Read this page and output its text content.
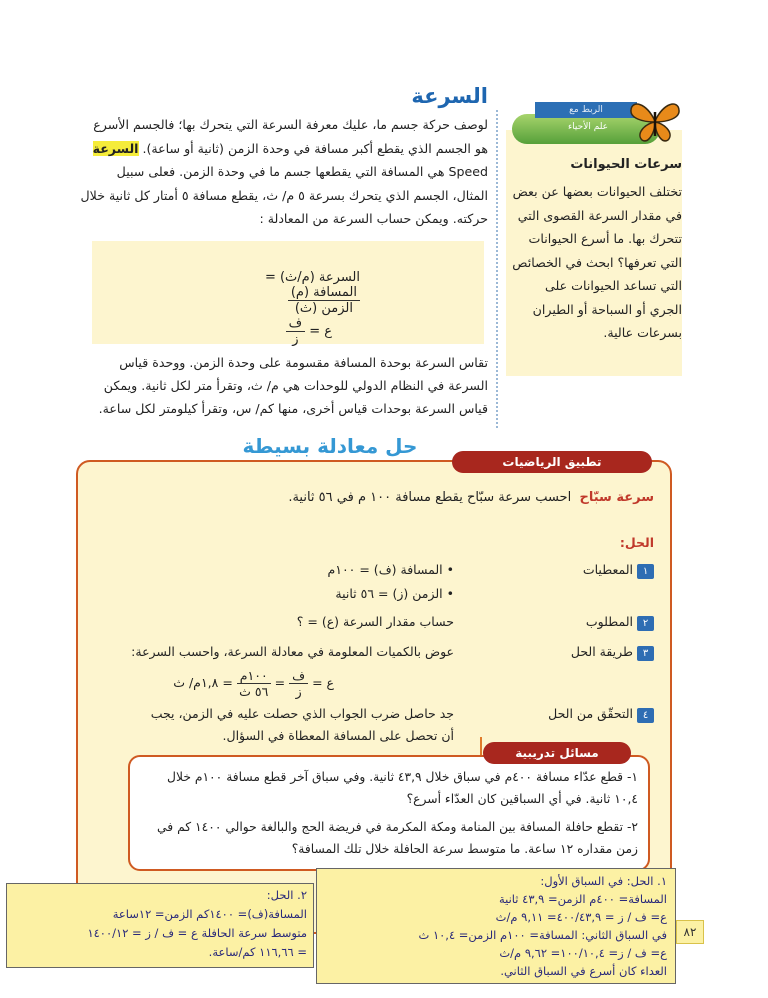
السرعة
لوصف حركة جسم ما، عليك معرفة السرعة التي يتحرك بها؛ فالجسم الأسرع هو الجسم الذي يقطع أكبر مسافة في وحدة الزمن (ثانية أو ساعة). السرعة Speed هي المسافة التي يقطعها جسم ما في وحدة الزمن. فعلى سبيل المثال، الجسم الذي يتحرك بسرعة ٥ م/ ث، يقطع مسافة ٥ أمتار كل ثانية خلال حركته. ويمكن حساب السرعة من المعادلة :
السرعة (م/ث) =
$\frac{\text{المسافة (م)}}{\text{الزمن (ث)}}$
ع =
$\frac{\text{ف}}{\text{ز}}$
تقاس السرعة بوحدة المسافة مقسومة على وحدة الزمن. ووحدة قياس السرعة في النظام الدولي للوحدات هي م/ ث، وتقرأ متر لكل ثانية. ويمكن قياس السرعة بوحدات قياس أخرى، منها كم/ س، وتقرأ كيلومتر لكل ساعة.
الربط مع
علم الأحياء
سرعات الحيوانات
تختلف الحيوانات بعضها عن بعض في مقدار السرعة القصوى التي تتحرك بها. ما أسرع الحيوانات التي تعرفها؟ ابحث في الخصائص التي تساعد الحيوانات على الجري أو السباحة أو الطيران بسرعات عالية.
حل معادلة بسيطة
تطبيق الرياضيات
سرعة سبّاح  احسب سرعة سبّاح يقطع مسافة ١٠٠ م في ٥٦ ثانية.
الحل:
١المعطيات
• المسافة (ف) = ١٠٠م
• الزمن (ز) = ٥٦ ثانية
٢المطلوب
حساب مقدار السرعة (ع) = ؟
٣طريقة الحل
عوض بالكميات المعلومة في معادلة السرعة، واحسب السرعة:
ع =
$\frac{\text{ف}}{\text{ز}}$
=
$\frac{\text{١٠٠م}}{\text{٥٦ ث}}$
= ١,٨م/ ث
٤التحقّق من الحل
جد حاصل ضرب الجواب الذي حصلت عليه في الزمن، يجب
أن تحصل على المسافة المعطاة في السؤال.
مسائل تدريبية
١- قطع عدّاء مسافة ٤٠٠م في سباق خلال ٤٣,٩ ثانية. وفي سباق آخر قطع مسافة ١٠٠م خلال ١٠,٤ ثانية. في أي السباقين كان العدّاء أسرع؟
٢- تقطع حافلة المسافة بين المنامة ومكة المكرمة في فريضة الحج والبالغة حوالي ١٤٠٠ كم في زمن مقداره ١٢ ساعة. ما متوسط سرعة الحافلة خلال تلك المسافة؟
٢. الحل:
المسافة(ف)= ١٤٠٠كم الزمن= ١٢ساعة
متوسط سرعة الحافلة ع = ف / ز = ١٤٠٠/١٢
= ١١٦,٦٦ كم/ساعة.
١. الحل: في السباق الأول:
المسافة= ٤٠٠م الزمن= ٤٣,٩ ثانية
ع= ف / ز = ٤٠٠/٤٣,٩= ٩,١١ م/ث
في السباق الثاني: المسافة= ١٠٠م الزمن= ١٠,٤ ث
ع= ف / ز= ١٠٠/١٠,٤= ٩,٦٢ م/ث
العداء كان أسرع في السباق الثاني.
٨٢
